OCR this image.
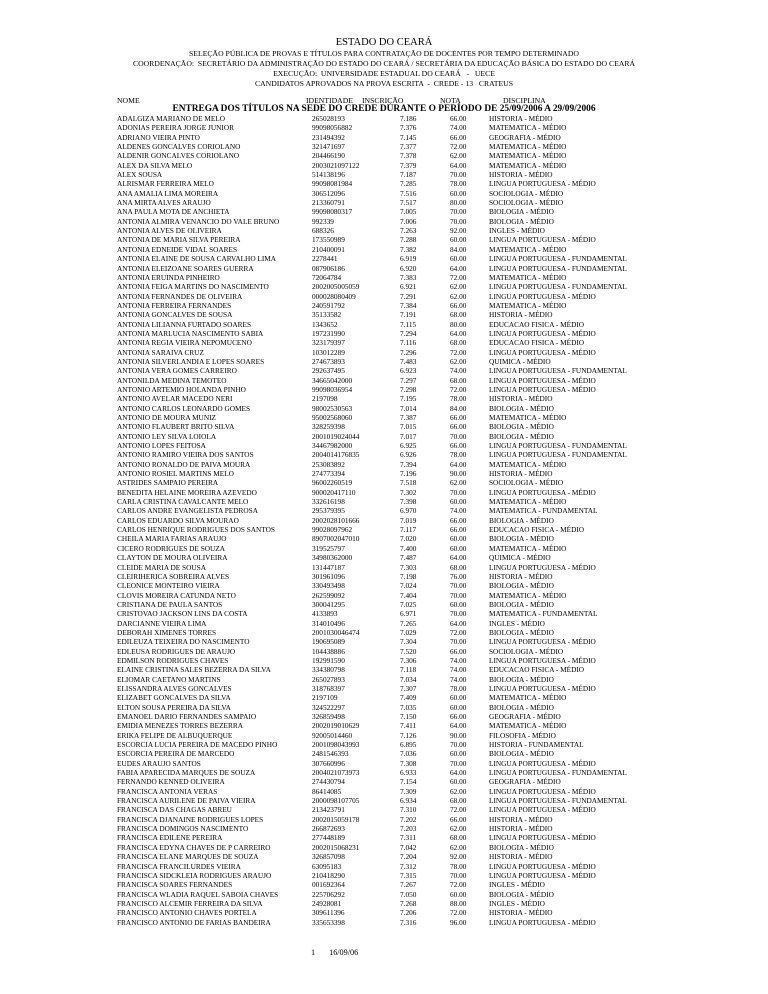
ESTADO DO CEARÁ
SELEÇÃO PÚBLICA DE PROVAS E TÍTULOS PARA CONTRATAÇÃO DE DOCENTES POR TEMPO DETERMINADO
COORDENAÇÃO:  SECRETÁRIO DA ADMINISTRAÇÃO DO ESTADO DO CEARÁ / SECRETÁRIA DA EDUCAÇÃO BÁSICA DO ESTADO DO CEARÁ
EXECUÇÃO:  UNIVERSIDADE ESTADUAL DO CEARÁ   -   UECE
CANDIDATOS APROVADOS NA PROVA ESCRITA  -  CREDE - 13   CRATEUS
NOME	IDENTIDADE INSCRIÇÃO	NOTA	DISCIPLINA
ENTREGA DOS TÍTULOS NA SEDE DO CREDE DURANTE O PERÍODO DE 25/09/2006 A 29/09/2006
ADALGIZA MARIANO DE MELO	265028193	7.186	66.00	HISTORIA - MÉDIO
ADONIAS PEREIRA JORGE JUNIOR	99098056882	7.376	74.00	MATEMATICA - MÉDIO
ADRIANO VIEIRA PINTO	231494392	7.145	66.00	GEOGRAFIA - MÉDIO
ALDENES GONCALVES CORIOLANO	321471697	7.377	72.00	MATEMATICA - MÉDIO
ALDENIR GONCALVES CORIOLANO	204466190	7.378	62.00	MATEMATICA - MÉDIO
ALEX DA SILVA MELO	2003021097122	7.379	64.00	MATEMATICA - MÉDIO
ALEX SOUSA	514138196	7.187	70.00	HISTORIA - MÉDIO
ALRISMAR FERREIRA MELO	99098081984	7.285	78.00	LINGUA PORTUGUESA - MÉDIO
ANA AMALIA LIMA MOREIRA	306512096	7.516	60.00	SOCIOLOGIA - MÉDIO
ANA MIRTA ALVES ARAUJO	213360791	7.517	80.00	SOCIOLOGIA - MÉDIO
ANA PAULA MOTA DE ANCHIETA	99098080317	7.005	70.00	BIOLOGIA - MÉDIO
ANTONIA ALMIRA VENANCIO DO VALE BRUNO	992339	7.006	70.00	BIOLOGIA - MÉDIO
ANTONIA ALVES DE OLIVEIRA	688326	7.263	92.00	INGLES - MÉDIO
ANTONIA DE MARIA SILVA PEREIRA	173550989	7.288	60.00	LINGUA PORTUGUESA - MÉDIO
ANTONIA EDNEIDE VIDAL SOARES	210400091	7.382	84.00	MATEMATICA - MÉDIO
ANTONIA ELAINE DE SOUSA CARVALHO LIMA	2278441	6.919	60.00	LINGUA PORTUGUESA - FUNDAMENTAL
ANTONIA ELEIZOANE SOARES GUERRA	087906186	6.920	64.00	LINGUA PORTUGUESA - FUNDAMENTAL
ANTONIA ERUINDA PINHEIRO	72064784	7.383	72.00	MATEMATICA - MÉDIO
ANTONIA FEIGA MARTINS DO NASCIMENTO	2002005005059	6.921	62.00	LINGUA PORTUGUESA - FUNDAMENTAL
ANTONIA FERNANDES DE OLIVEIRA	000028080409	7.291	62.00	LINGUA PORTUGUESA - MÉDIO
ANTONIA FERREIRA FERNANDES	240591792	7.384	66.00	MATEMATICA - MÉDIO
ANTONIA GONCALVES DE SOUSA	35133582	7.191	68.00	HISTORIA - MÉDIO
ANTONIA LILIANNA FURTADO SOARES	1343652	7.115	80.00	EDUCACAO FISICA - MÉDIO
ANTONIA MARLUCIA NASCIMENTO SABIA	197231990	7.294	64.00	LINGUA PORTUGUESA - MÉDIO
ANTONIA REGIA VIEIRA NEPOMUCENO	323179397	7.116	68.00	EDUCACAO FISICA - MÉDIO
ANTONIA SARAIVA CRUZ	103012289	7.296	72.00	LINGUA PORTUGUESA - MÉDIO
ANTONIA SILVERLANDIA E LOPES SOARES	274673893	7.483	62.00	QUIMICA - MÉDIO
ANTONIA VERA GOMES CARREIRO	292637495	6.923	74.00	LINGUA PORTUGUESA - FUNDAMENTAL
ANTONILDA MEDINA TEMOTEO	34665042000	7.297	68.00	LINGUA PORTUGUESA - MÉDIO
ANTONIO ARTEMIO HOLANDA PINHO	99098036954	7.298	72.00	LINGUA PORTUGUESA - MÉDIO
ANTONIO AVELAR MACEDO NERI	2197098	7.195	78.00	HISTORIA - MÉDIO
ANTONIO CARLOS LEONARDO GOMES	98002530563	7.014	84.00	BIOLOGIA - MÉDIO
ANTONIO DE MOURA MUNIZ	95002568060	7.387	66.00	MATEMATICA - MÉDIO
ANTONIO FLAUBERT BRITO SILVA	328259398	7.015	66.00	BIOLOGIA - MÉDIO
ANTONIO LEY SILVA LOIOLA	2001019024044	7.017	70.00	BIOLOGIA - MÉDIO
ANTONIO LOPES FEITOSA	34467982000	6.925	66.00	LINGUA PORTUGUESA - FUNDAMENTAL
ANTONIO RAMIRO VIEIRA DOS SANTOS	2004014176835	6.926	78.00	LINGUA PORTUGUESA - FUNDAMENTAL
ANTONIO RONALDO DE PAIVA MOURA	253083892	7.394	64.00	MATEMATICA - MÉDIO
ANTONIO ROSIEL MARTINS MELO	274773394	7.196	90.00	HISTORIA - MÉDIO
ASTRIDES SAMPAIO PEREIRA	96002260519	7.518	62.00	SOCIOLOGIA - MÉDIO
BENEDITA HELAINE MOREIRA AZEVEDO	900020417110	7.302	70.00	LINGUA PORTUGUESA - MÉDIO
CARLA CRISTINA CAVALCANTE MELO	332616198	7.398	60.00	MATEMATICA - MÉDIO
CARLOS ANDRE EVANGELISTA PEDROSA	295379395	6.970	74.00	MATEMATICA - FUNDAMENTAL
CARLOS EDUARDO SILVA MOURAO	2002028101666	7.019	66.00	BIOLOGIA - MÉDIO
CARLOS HENRIQUE RODRIGUES DOS SANTOS	99028097962	7.117	66.00	EDUCACAO FISICA - MÉDIO
CHEILA MARIA FARIAS ARAUJO	8907002047010	7.020	60.00	BIOLOGIA - MÉDIO
CICERO RODRIGUES DE SOUZA	319525797	7.400	60.00	MATEMATICA - MÉDIO
CLAYTON DE MOURA OLIVEIRA	34980362000	7.487	64.00	QUIMICA - MÉDIO
CLEIDE MARIA DE SOUSA	131447187	7.303	68.00	LINGUA PORTUGUESA - MÉDIO
CLEIRIHERICA SOBREIRA ALVES	301961096	7.198	76.00	HISTORIA - MÉDIO
CLEONICE MONTEIRO VIEIRA	330493498	7.024	70.00	BIOLOGIA - MÉDIO
CLOVIS MOREIRA CATUNDA NETO	262599092	7.404	70.00	MATEMATICA - MÉDIO
CRISTIANA DE PAULA SANTOS	300041295	7.025	60.00	BIOLOGIA - MÉDIO
CRISTOVAO JACKSON LINS DA COSTA	4133893	6.971	70.00	MATEMATICA - FUNDAMENTAL
DARCIANNE VIEIRA LIMA	314010496	7.265	64.00	INGLES - MÉDIO
DEBORAH XIMENES TORRES	2001030046474	7.029	72.00	BIOLOGIA - MÉDIO
EDILEUZA TEIXEIRA DO NASCIMENTO	190695089	7.304	70.00	LINGUA PORTUGUESA - MÉDIO
EDLEUSA RODRIGUES DE ARAUJO	104438886	7.520	66.00	SOCIOLOGIA - MÉDIO
EDMILSON RODRIGUES CHAVES	192991590	7.306	74.00	LINGUA PORTUGUESA - MÉDIO
ELAINE CRISTINA SALES BEZERRA DA SILVA	334380798	7.118	74.00	EDUCACAO FISICA - MÉDIO
ELIOMAR CAETANO MARTINS	265027893	7.034	74.00	BIOLOGIA - MÉDIO
ELISSANDRA ALVES GONCALVES	318768397	7.307	78.00	LINGUA PORTUGUESA - MÉDIO
ELIZABET GONCALVES DA SILVA	2197109	7.409	60.00	MATEMATICA - MÉDIO
ELTON SOUSA PEREIRA DA SILVA	324522297	7.035	60.00	BIOLOGIA - MÉDIO
EMANOEL DARIO FERNANDES SAMPAIO	326859498	7.150	66.00	GEOGRAFIA - MÉDIO
EMIDIA MENEZES TORRES BEZERRA	2002019010629	7.411	64.00	MATEMATICA - MÉDIO
ERIKA FELIPE DE ALBUQUERQUE	92005014460	7.126	90.00	FILOSOFIA - MÉDIO
ESCORCIA LUCIA PEREIRA DE MACEDO PINHO	2001098043993	6.895	70.00	HISTORIA - FUNDAMENTAL
ESCORCIA PEREIRA DE MARCEDO	2481546393	7.036	60.00	BIOLOGIA - MÉDIO
EUDES ARAUJO SANTOS	307660996	7.308	70.00	LINGUA PORTUGUESA - MÉDIO
FABIA APARECIDA MARQUES DE SOUZA	2004021073973	6.933	64.00	LINGUA PORTUGUESA - FUNDAMENTAL
FERNANDO KENNED OLIVEIRA	274430794	7.154	60.00	GEOGRAFIA - MÉDIO
FRANCISCA ANTONIA VERAS	86414085	7.309	62.00	LINGUA PORTUGUESA - MÉDIO
FRANCISCA AURILENE DE PAIVA VIEIRA	2000098107705	6.934	68.00	LINGUA PORTUGUESA - FUNDAMENTAL
FRANCISCA DAS CHAGAS ABREU	213423791	7.310	72.00	LINGUA PORTUGUESA - MÉDIO
FRANCISCA DJANAINE RODRIGUES LOPES	2002015059178	7.202	66.00	HISTORIA - MÉDIO
FRANCISCA DOMINGOS NASCIMENTO	266872693	7.203	62.00	HISTORIA - MÉDIO
FRANCISCA EDILENE PEREIRA	277448189	7.311	68.00	LINGUA PORTUGUESA - MÉDIO
FRANCISCA EDYNA CHAVES DE P CARREIRO	2002015068231	7.042	62.00	BIOLOGIA - MÉDIO
FRANCISCA ELANE MARQUES DE SOUZA	326857098	7.204	92.00	HISTORIA - MÉDIO
FRANCISCA FRANCILURDES VIEIRA	63095183	7.312	78.00	LINGUA PORTUGUESA - MÉDIO
FRANCISCA SIDCKLEIA RODRIGUES ARAUJO	210418290	7.315	70.00	LINGUA PORTUGUESA - MÉDIO
FRANCISCA SOARES FERNANDES	001692364	7.267	72.00	INGLES - MÉDIO
FRANCISCA WLADIA RAQUEL SABOIA CHAVES	225706292	7.050	60.00	BIOLOGIA - MÉDIO
FRANCISCO ALCEMIR FERREIRA DA SILVA	24928081	7.268	88.00	INGLES - MÉDIO
FRANCISCO ANTONIO CHAVES PORTELA	309611396	7.206	72.00	HISTORIA - MÉDIO
FRANCISCO ANTONIO DE FARIAS BANDEIRA	335653398	7.316	96.00	LINGUA PORTUGUESA - MÉDIO
1 16/09/06
